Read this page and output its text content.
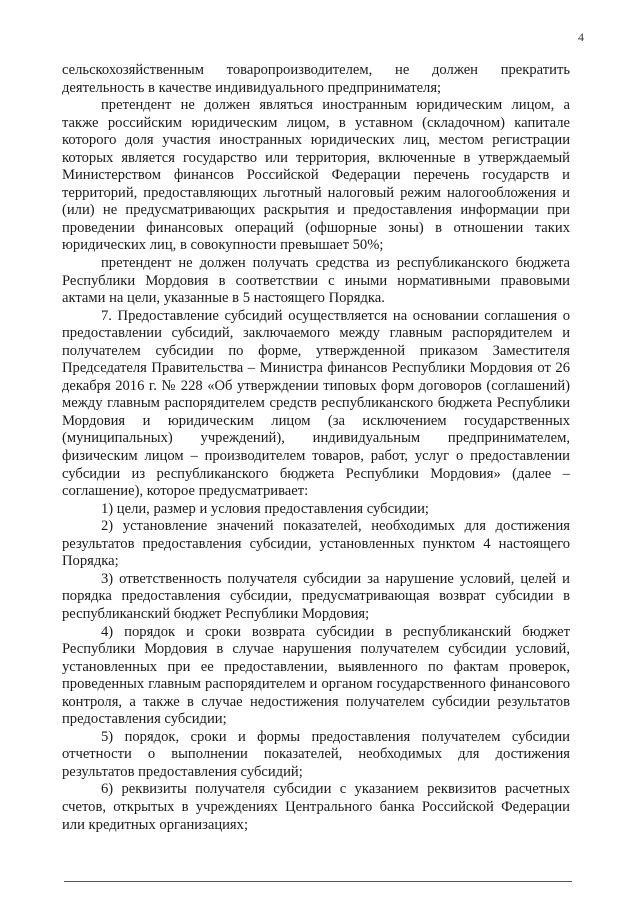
4

сельскохозяйственным товаропроизводителем, не должен прекратить деятельность в качестве индивидуального предпринимателя;

претендент не должен являться иностранным юридическим лицом, а также российским юридическим лицом, в уставном (складочном) капитале которого доля участия иностранных юридических лиц, местом регистрации которых является государство или территория, включенные в утверждаемый Министерством финансов Российской Федерации перечень государств и территорий, предоставляющих льготный налоговый режим налогообложения и (или) не предусматривающих раскрытия и предоставления информации при проведении финансовых операций (офшорные зоны) в отношении таких юридических лиц, в совокупности превышает 50%;

претендент не должен получать средства из республиканского бюджета Республики Мордовия в соответствии с иными нормативными правовыми актами на цели, указанные в 5 настоящего Порядка.

7. Предоставление субсидий осуществляется на основании соглашения о предоставлении субсидий, заключаемого между главным распорядителем и получателем субсидии по форме, утвержденной приказом Заместителя Председателя Правительства – Министра финансов Республики Мордовия от 26 декабря 2016 г. № 228 «Об утверждении типовых форм договоров (соглашений) между главным распорядителем средств республиканского бюджета Республики Мордовия и юридическим лицом (за исключением государственных (муниципальных) учреждений), индивидуальным предпринимателем, физическим лицом – производителем товаров, работ, услуг о предоставлении субсидии из республиканского бюджета Республики Мордовия» (далее – соглашение), которое предусматривает:

1) цели, размер и условия предоставления субсидии;

2) установление значений показателей, необходимых для достижения результатов предоставления субсидии, установленных пунктом 4 настоящего Порядка;

3) ответственность получателя субсидии за нарушение условий, целей и порядка предоставления субсидии, предусматривающая возврат субсидии в республиканский бюджет Республики Мордовия;

4) порядок и сроки возврата субсидии в республиканский бюджет Республики Мордовия в случае нарушения получателем субсидии условий, установленных при ее предоставлении, выявленного по фактам проверок, проведенных главным распорядителем и органом государственного финансового контроля, а также в случае недостижения получателем субсидии результатов предоставления субсидии;

5) порядок, сроки и формы предоставления получателем субсидии отчетности о выполнении показателей, необходимых для достижения результатов предоставления субсидий;

6) реквизиты получателя субсидии с указанием реквизитов расчетных счетов, открытых в учреждениях Центрального банка Российской Федерации или кредитных организациях;
